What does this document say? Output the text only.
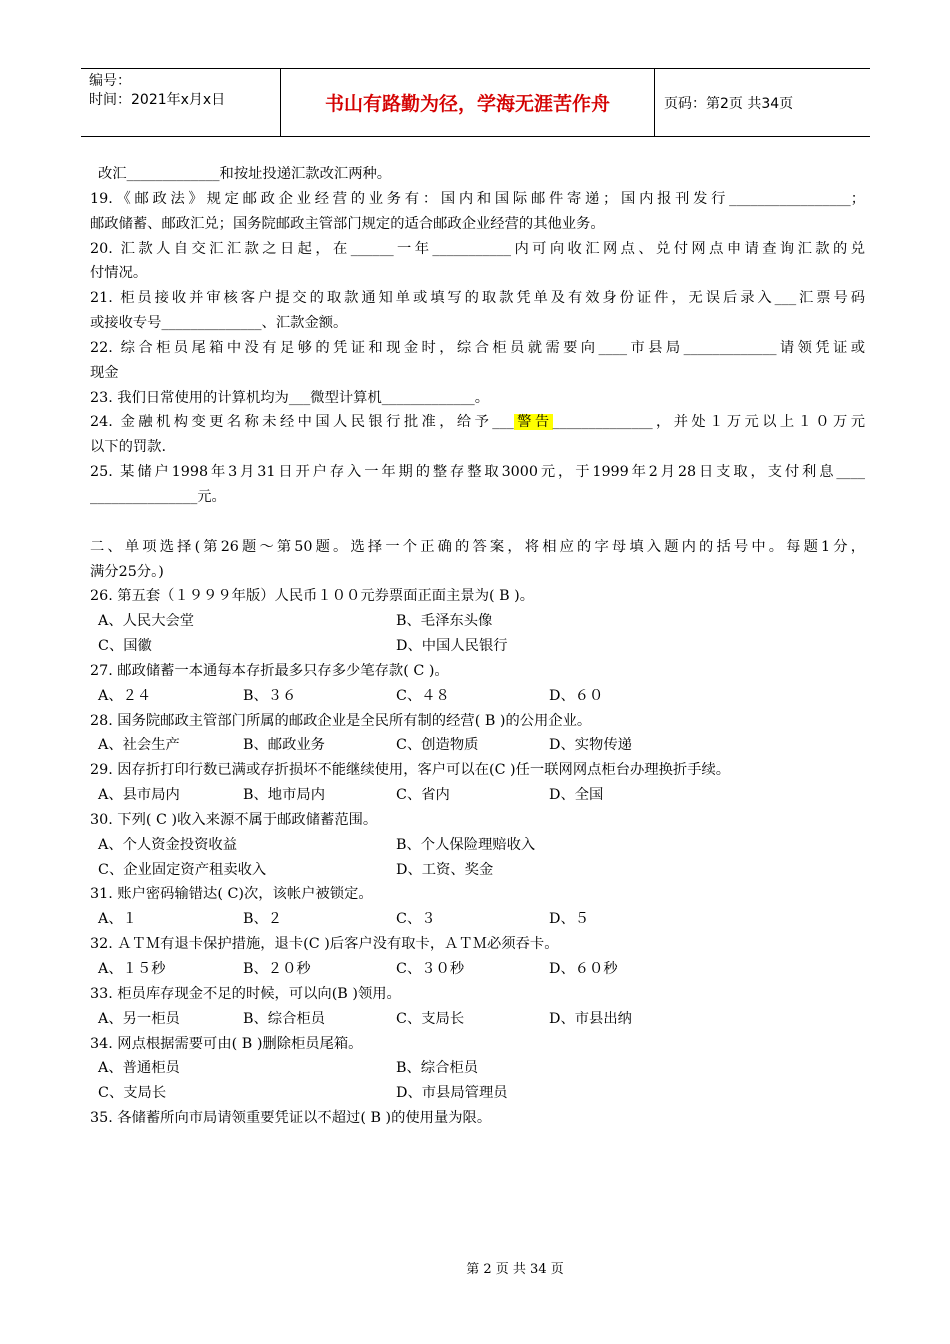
编号：
时间：2021年x月x日	书山有路勤为径，学海无涯苦作舟	页码：第2页 共34页
改汇_____________和按址投递汇款改汇两种。
19.《邮政法》规定邮政企业经营的业务有：国内和国际邮件寄递；国内报刊发行_________________；
邮政储蓄、邮政汇兑；国务院邮政主管部门规定的适合邮政企业经营的其他业务。
20. 汇款人自交汇汇款之日起，在______一年___________内可向收汇网点、兑付网点申请查询汇款的兑
付情况。
21. 柜员接收并审核客户提交的取款通知单或填写的取款凭单及有效身份证件，无误后录入___汇票号码
或接收专号______________、汇款金额。
22. 综合柜员尾箱中没有足够的凭证和现金时，综合柜员就需要向____市县局_____________请领凭证或
现金
23. 我们日常使用的计算机均为___微型计算机_____________。
24. 金融机构变更名称未经中国人民银行批准，给予___警告______________，并处１万元以上１０万元
以下的罚款.
25. 某储户1998年3月31日开户存入一年期的整存整取3000元，于1999年2月28日支取，支付利息____
_______________元。
二、单项选择(第26题～第50题。选择一个正确的答案，将相应的字母填入题内的括号中。每题1分，
满分25分。)
26. 第五套（１９９９年版）人民币１００元券票面正面主景为( B )。
A、人民大会堂	B、毛泽东头像
C、国徽	D、中国人民银行
27. 邮政储蓄一本通每本存折最多只存多少笔存款( C )。
A、２４	B、３６	C、４８	D、６０
28. 国务院邮政主管部门所属的邮政企业是全民所有制的经营( B )的公用企业。
A、社会生产	B、邮政业务	C、创造物质	D、实物传递
29. 因存折打印行数已满或存折损坏不能继续使用，客户可以在(C )任一联网网点柜台办理换折手续。
A、县市局内	B、地市局内	C、省内	D、全国
30. 下列( C )收入来源不属于邮政储蓄范围。
A、个人资金投资收益	B、个人保险理赔收入
C、企业固定资产租卖收入	D、工资、奖金
31. 账户密码输错达( C)次，该帐户被锁定。
A、１	B、２	C、３	D、５
32. ＡＴＭ有退卡保护措施，退卡(C )后客户没有取卡，ＡＴＭ必须吞卡。
A、１５秒	B、２０秒	C、３０秒	D、６０秒
33. 柜员库存现金不足的时候，可以向(B )领用。
A、另一柜员	B、综合柜员	C、支局长	D、市县出纳
34. 网点根据需要可由( B )删除柜员尾箱。
A、普通柜员	B、综合柜员
C、支局长	D、市县局管理员
35. 各储蓄所向市局请领重要凭证以不超过( B )的使用量为限。
第 2 页 共 34 页
